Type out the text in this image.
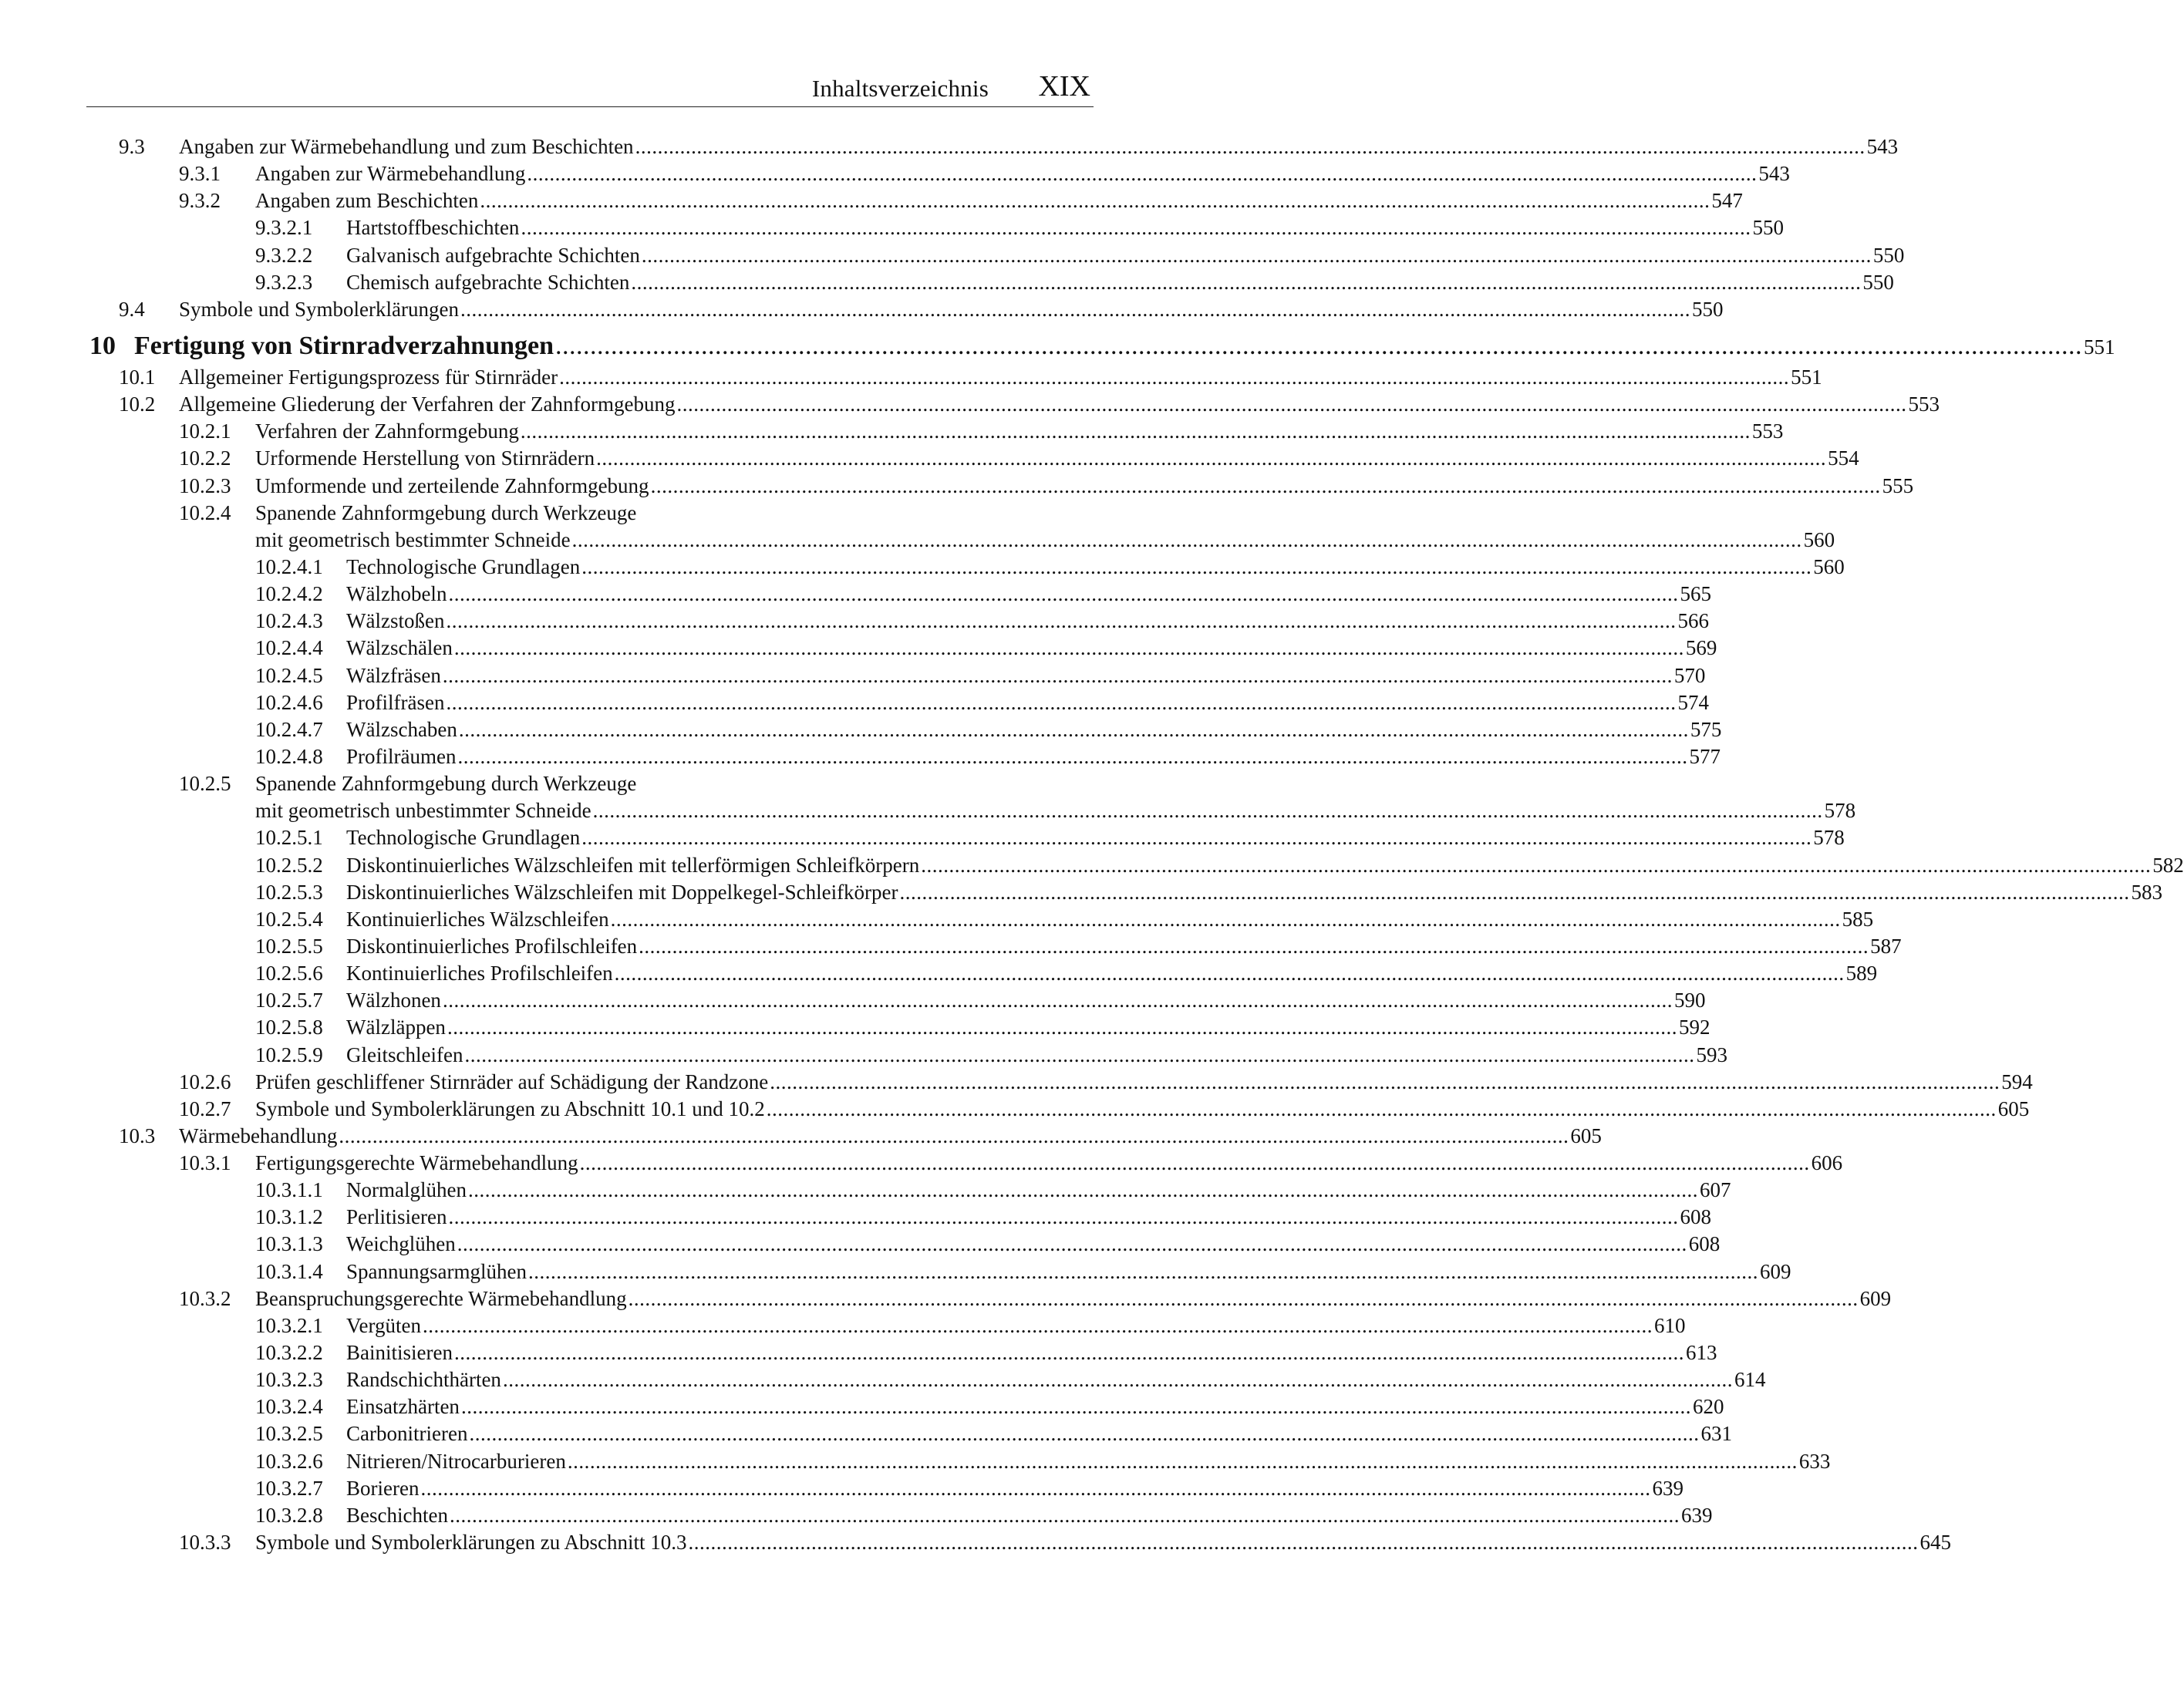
Inhaltsverzeichnis XIX
9.3 Angaben zur Wärmebehandlung und zum Beschichten ............................................................................................................................................................................................................................ 543
9.3.1 Angaben zur Wärmebehandlung ............................................................................................................................................................................................................................ 543
9.3.2 Angaben zum Beschichten ............................................................................................................................................................................................................................ 547
9.3.2.1 Hartstoffbeschichten ............................................................................................................................................................................................................................ 550
9.3.2.2 Galvanisch aufgebrachte Schichten ............................................................................................................................................................................................................................ 550
9.3.2.3 Chemisch aufgebrachte Schichten ............................................................................................................................................................................................................................ 550
9.4 Symbole und Symbolerklärungen ............................................................................................................................................................................................................................ 550
10 Fertigung von Stirnradverzahnungen ............................................................................................................................................................................................................................ 551
10.1 Allgemeiner Fertigungsprozess für Stirnräder ............................................................................................................................................................................................................................ 551
10.2 Allgemeine Gliederung der Verfahren der Zahnformgebung ............................................................................................................................................................................................................................ 553
10.2.1 Verfahren der Zahnformgebung ............................................................................................................................................................................................................................ 553
10.2.2 Urformende Herstellung von Stirnrädern ............................................................................................................................................................................................................................ 554
10.2.3 Umformende und zerteilende Zahnformgebung ............................................................................................................................................................................................................................ 555
10.2.4 Spanende Zahnformgebung durch Werkzeuge
mit geometrisch bestimmter Schneide ............................................................................................................................................................................................................................ 560
10.2.4.1 Technologische Grundlagen ............................................................................................................................................................................................................................ 560
10.2.4.2 Wälzhobeln ............................................................................................................................................................................................................................ 565
10.2.4.3 Wälzstoßen ............................................................................................................................................................................................................................ 566
10.2.4.4 Wälzschälen ............................................................................................................................................................................................................................ 569
10.2.4.5 Wälzfräsen ............................................................................................................................................................................................................................ 570
10.2.4.6 Profilfräsen ............................................................................................................................................................................................................................ 574
10.2.4.7 Wälzschaben ............................................................................................................................................................................................................................ 575
10.2.4.8 Profilräumen ............................................................................................................................................................................................................................ 577
10.2.5 Spanende Zahnformgebung durch Werkzeuge
mit geometrisch unbestimmter Schneide ............................................................................................................................................................................................................................ 578
10.2.5.1 Technologische Grundlagen ............................................................................................................................................................................................................................ 578
10.2.5.2 Diskontinuierliches Wälzschleifen mit tellerförmigen Schleifkörpern ............................................................................................................................................................................................................................ 582
10.2.5.3 Diskontinuierliches Wälzschleifen mit Doppelkegel-Schleifkörper ............................................................................................................................................................................................................................ 583
10.2.5.4 Kontinuierliches Wälzschleifen ............................................................................................................................................................................................................................ 585
10.2.5.5 Diskontinuierliches Profilschleifen ............................................................................................................................................................................................................................ 587
10.2.5.6 Kontinuierliches Profilschleifen ............................................................................................................................................................................................................................ 589
10.2.5.7 Wälzhonen ............................................................................................................................................................................................................................ 590
10.2.5.8 Wälzläppen ............................................................................................................................................................................................................................ 592
10.2.5.9 Gleitschleifen ............................................................................................................................................................................................................................ 593
10.2.6 Prüfen geschliffener Stirnräder auf Schädigung der Randzone ............................................................................................................................................................................................................................ 594
10.2.7 Symbole und Symbolerklärungen zu Abschnitt 10.1 und 10.2 ............................................................................................................................................................................................................................ 605
10.3 Wärmebehandlung ............................................................................................................................................................................................................................ 605
10.3.1 Fertigungsgerechte Wärmebehandlung ............................................................................................................................................................................................................................ 606
10.3.1.1 Normalglühen ............................................................................................................................................................................................................................ 607
10.3.1.2 Perlitisieren ............................................................................................................................................................................................................................ 608
10.3.1.3 Weichglühen ............................................................................................................................................................................................................................ 608
10.3.1.4 Spannungsarmglühen ............................................................................................................................................................................................................................ 609
10.3.2 Beanspruchungsgerechte Wärmebehandlung ............................................................................................................................................................................................................................ 609
10.3.2.1 Vergüten ............................................................................................................................................................................................................................ 610
10.3.2.2 Bainitisieren ............................................................................................................................................................................................................................ 613
10.3.2.3 Randschichthärten ............................................................................................................................................................................................................................ 614
10.3.2.4 Einsatzhärten ............................................................................................................................................................................................................................ 620
10.3.2.5 Carbonitrieren ............................................................................................................................................................................................................................ 631
10.3.2.6 Nitrieren/Nitrocarburieren ............................................................................................................................................................................................................................ 633
10.3.2.7 Borieren ............................................................................................................................................................................................................................ 639
10.3.2.8 Beschichten ............................................................................................................................................................................................................................ 639
10.3.3 Symbole und Symbolerklärungen zu Abschnitt 10.3 ............................................................................................................................................................................................................................ 645
